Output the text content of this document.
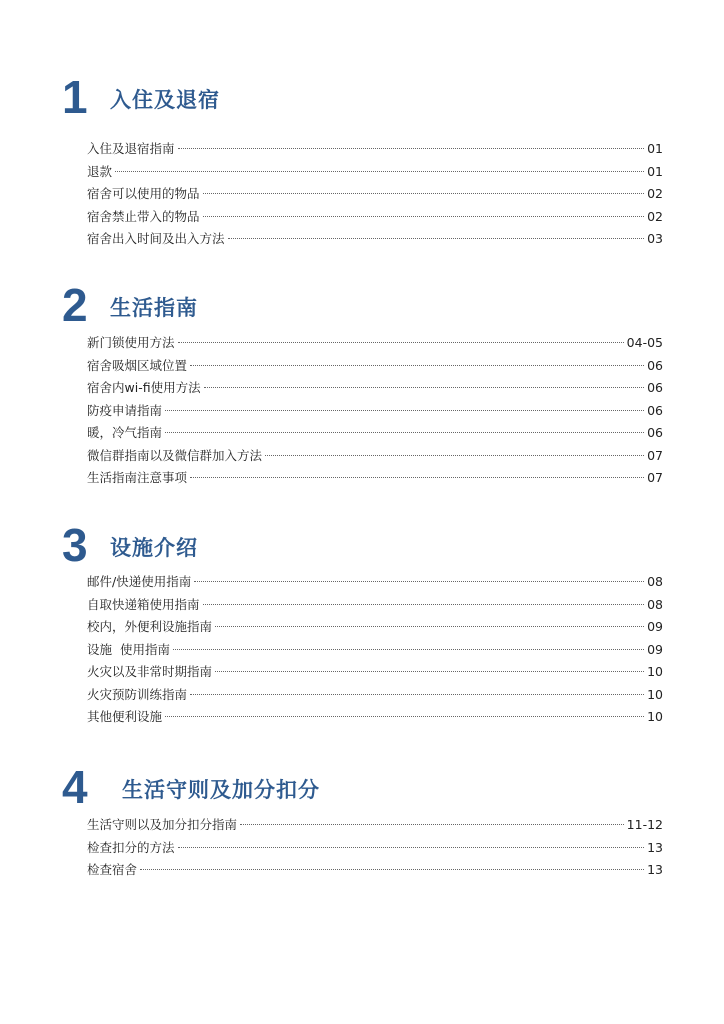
1 入住及退宿
入住及退宿指南	01
退款	01
宿舍可以使用的物品	02
宿舍禁止带入的物品	02
宿舍出入时间及出入方法	03
2 生活指南
新门锁使用方法	04-05
宿舍吸烟区域位置	06
宿舍内wi-fi使用方法	06
防疫申请指南	06
暖，冷气指南	06
微信群指南以及微信群加入方法	07
生活指南注意事项	07
3 设施介绍
邮件/快递使用指南	08
自取快递箱使用指南	08
校内，外便利设施指南	09
设施  使用指南	09
火灾以及非常时期指南	10
火灾预防训练指南	10
其他便利设施	10
4 生活守则及加分扣分
生活守则以及加分扣分指南	11-12
检查扣分的方法	13
检查宿舍	13
